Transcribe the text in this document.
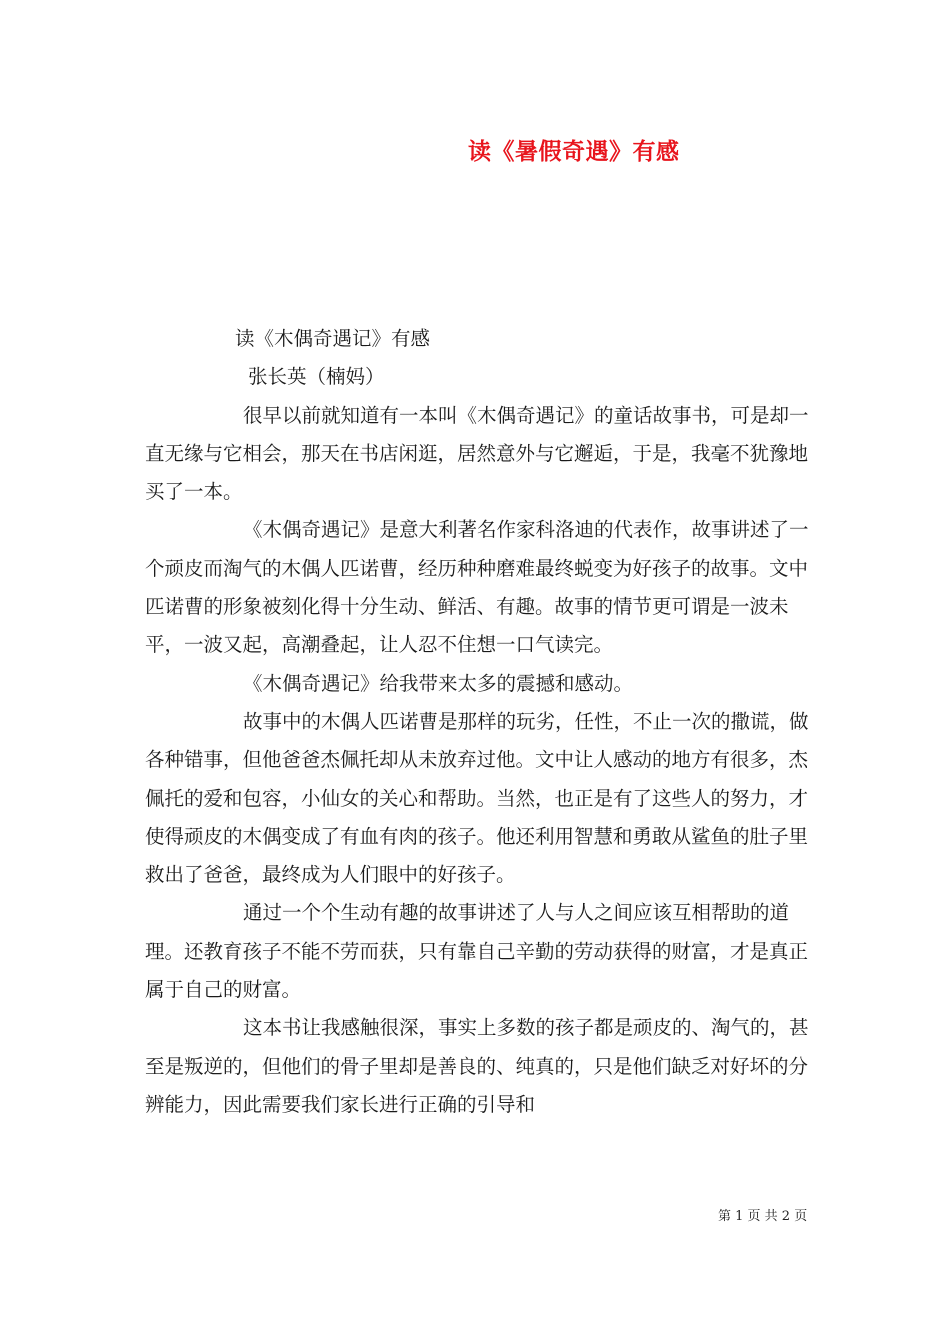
读《暑假奇遇》有感

读《木偶奇遇记》有感

张长英（楠妈）

很早以前就知道有一本叫《木偶奇遇记》的童话故事书，可是却一直无缘与它相会，那天在书店闲逛，居然意外与它邂逅，于是，我毫不犹豫地买了一本。

《木偶奇遇记》是意大利著名作家科洛迪的代表作，故事讲述了一个顽皮而淘气的木偶人匹诺曹，经历种种磨难最终蜕变为好孩子的故事。文中匹诺曹的形象被刻化得十分生动、鲜活、有趣。故事的情节更可谓是一波未平，一波又起，高潮叠起，让人忍不住想一口气读完。

《木偶奇遇记》给我带来太多的震撼和感动。

故事中的木偶人匹诺曹是那样的玩劣，任性，不止一次的撒谎，做各种错事，但他爸爸杰佩托却从未放弃过他。文中让人感动的地方有很多，杰佩托的爱和包容，小仙女的关心和帮助。当然，也正是有了这些人的努力，才使得顽皮的木偶变成了有血有肉的孩子。他还利用智慧和勇敢从鲨鱼的肚子里救出了爸爸，最终成为人们眼中的好孩子。

通过一个个生动有趣的故事讲述了人与人之间应该互相帮助的道理。还教育孩子不能不劳而获，只有靠自己辛勤的劳动获得的财富，才是真正属于自己的财富。

这本书让我感触很深，事实上多数的孩子都是顽皮的、淘气的，甚至是叛逆的，但他们的骨子里却是善良的、纯真的，只是他们缺乏对好坏的分辨能力，因此需要我们家长进行正确的引导和

第 1 页 共 2 页
